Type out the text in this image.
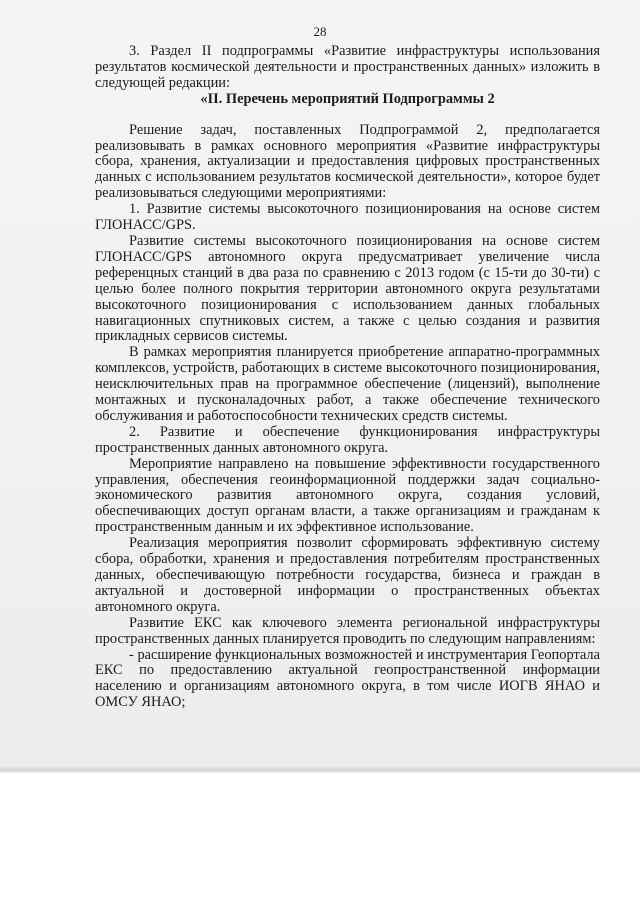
28

3. Раздел II подпрограммы «Развитие инфраструктуры использования результатов космической деятельности и пространственных данных» изложить в следующей редакции:

«II. Перечень мероприятий Подпрограммы 2

Решение задач, поставленных Подпрограммой 2, предполагается реализовывать в рамках основного мероприятия «Развитие инфраструктуры сбора, хранения, актуализации и предоставления цифровых пространственных данных с использованием результатов космической деятельности», которое будет реализовываться следующими мероприятиями:

1. Развитие системы высокоточного позиционирования на основе систем ГЛОНАСС/GPS.

Развитие системы высокоточного позиционирования на основе систем ГЛОНАСС/GPS автономного округа предусматривает увеличение числа референцных станций в два раза по сравнению с 2013 годом (с 15-ти до 30-ти) с целью более полного покрытия территории автономного округа результатами высокоточного позиционирования с использованием данных глобальных навигационных спутниковых систем, а также с целью создания и развития прикладных сервисов системы.

В рамках мероприятия планируется приобретение аппаратно-программных комплексов, устройств, работающих в системе высокоточного позиционирования, неисключительных прав на программное обеспечение (лицензий), выполнение монтажных и пусконаладочных работ, а также обеспечение технического обслуживания и работоспособности технических средств системы.

2. Развитие и обеспечение функционирования инфраструктуры пространственных данных автономного округа.

Мероприятие направлено на повышение эффективности государственного управления, обеспечения геоинформационной поддержки задач социально-экономического развития автономного округа, создания условий, обеспечивающих доступ органам власти, а также организациям и гражданам к пространственным данным и их эффективное использование.

Реализация мероприятия позволит сформировать эффективную систему сбора, обработки, хранения и предоставления потребителям пространственных данных, обеспечивающую потребности государства, бизнеса и граждан в актуальной и достоверной информации о пространственных объектах автономного округа.

Развитие ЕКС как ключевого элемента региональной инфраструктуры пространственных данных планируется проводить по следующим направлениям:

- расширение функциональных возможностей и инструментария Геопортала ЕКС по предоставлению актуальной геопространственной информации населению и организациям автономного округа, в том числе ИОГВ ЯНАО и ОМСУ ЯНАО;
